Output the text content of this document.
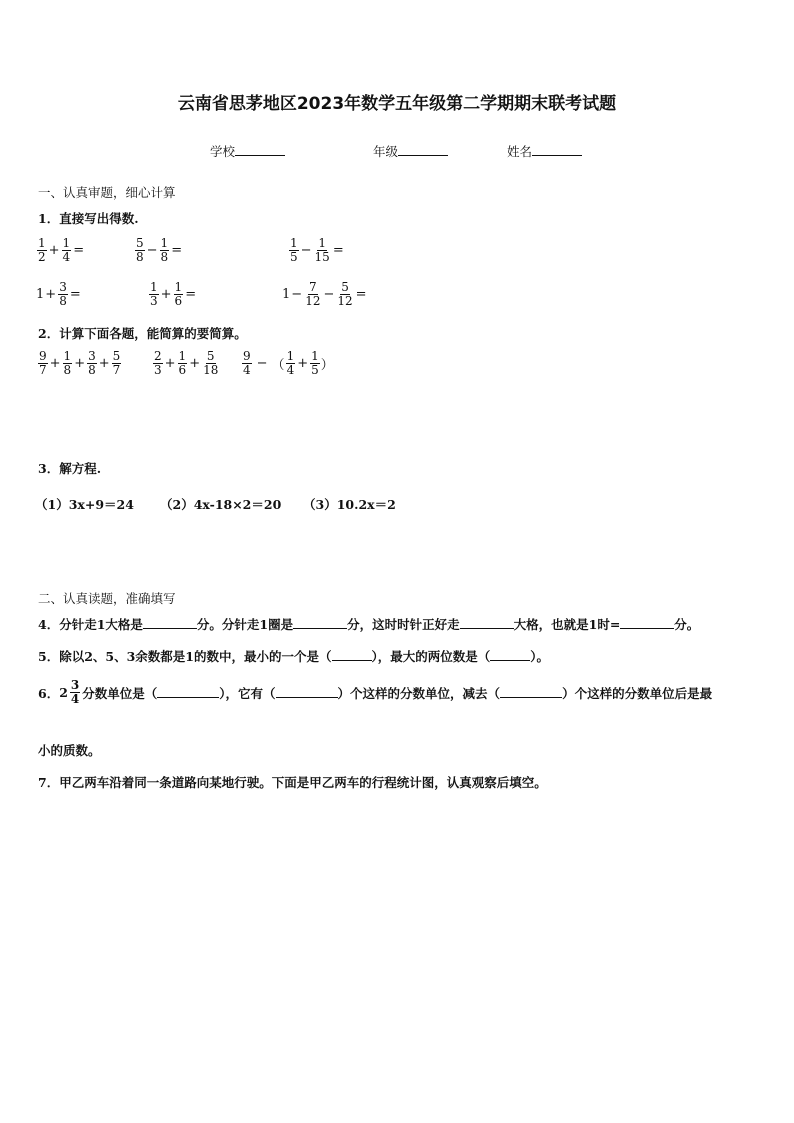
云南省思茅地区2023年数学五年级第二学期期末联考试题
学校	年级	姓名
一、认真审题，细心计算
1．直接写出得数.
$\frac{1}{2} + \frac{1}{4}$ =	$\frac{5}{8} - \frac{1}{8}$ =	$\frac{1}{5} - \frac{1}{15}$ =
$1 + \frac{3}{8}$ =	$\frac{1}{3} + \frac{1}{6}$ =	$1 - \frac{7}{12} - \frac{5}{12}$ =
2．计算下面各题，能简算的要简算。
$\frac{9}{7} + \frac{1}{8} + \frac{3}{8} + \frac{5}{7}$	$\frac{2}{3} + \frac{1}{6} + \frac{5}{18} \frac{9}{4}$ − （ $\frac{1}{4} + \frac{1}{5}$ ）
3．解方程.
（1）3x+9＝24 （2）4x-18×2＝20 （3）10.2x＝2
二、认真读题，准确填写
4．分针走1大格是	分。分针走1圈是	分，这时时针正好走	大格，也就是1时=	分。
5．除以2、5、3余数都是1的数中，最小的一个是（	），最大的两位数是（	）。
6． $2 \frac{3}{4}$ 分数单位是（	），它有（	）个这样的分数单位，减去（	）个这样的分数单位后是最
小的质数。
7．甲乙两车沿着同一条道路向某地行驶。下面是甲乙两车的行程统计图，认真观察后填空。
